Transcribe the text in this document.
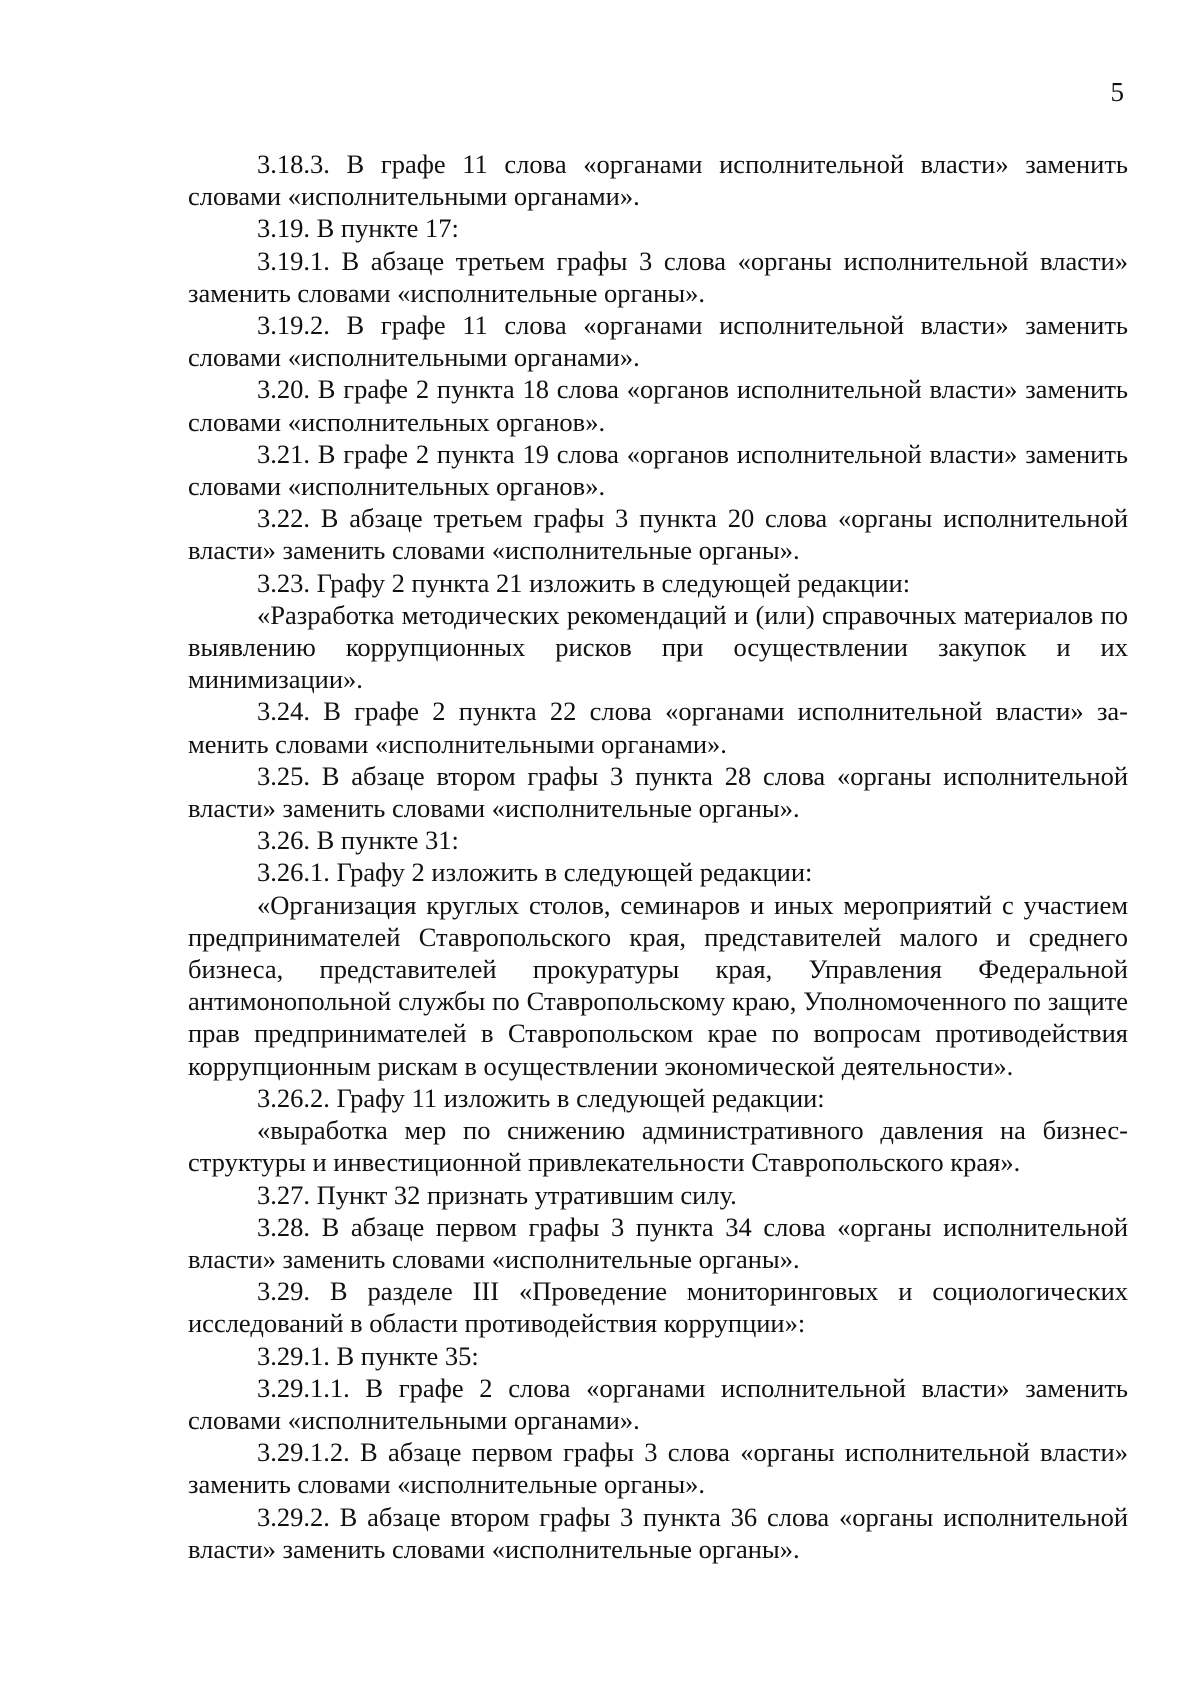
5

3.18.3. В графе 11 слова «органами исполнительной власти» заменить словами «исполнительными органами».

3.19. В пункте 17:

3.19.1. В абзаце третьем графы 3 слова «органы исполнительной власти» заменить словами «исполнительные органы».

3.19.2. В графе 11 слова «органами исполнительной власти» заменить словами «исполнительными органами».

3.20. В графе 2 пункта 18 слова «органов исполнительной власти» заменить словами «исполнительных органов».

3.21. В графе 2 пункта 19 слова «органов исполнительной власти» заменить словами «исполнительных органов».

3.22. В абзаце третьем графы 3 пункта 20 слова «органы исполнительной власти» заменить словами «исполнительные органы».

3.23. Графу 2 пункта 21 изложить в следующей редакции:

«Разработка методических рекомендаций и (или) справочных материалов по выявлению коррупционных рисков при осуществлении закупок и их минимизации».

3.24. В графе 2 пункта 22 слова «органами исполнительной власти» заменить словами «исполнительными органами».

3.25. В абзаце втором графы 3 пункта 28 слова «органы исполнительной власти» заменить словами «исполнительные органы».

3.26. В пункте 31:

3.26.1. Графу 2 изложить в следующей редакции:

«Организация круглых столов, семинаров и иных мероприятий с участием предпринимателей Ставропольского края, представителей малого и среднего бизнеса, представителей прокуратуры края, Управления Федеральной антимонопольной службы по Ставропольскому краю, Уполномоченного по защите прав предпринимателей в Ставропольском крае по вопросам противодействия коррупционным рискам в осуществлении экономической деятельности».

3.26.2. Графу 11 изложить в следующей редакции:

«выработка мер по снижению административного давления на бизнес-структуры и инвестиционной привлекательности Ставропольского края».

3.27. Пункт 32 признать утратившим силу.

3.28. В абзаце первом графы 3 пункта 34 слова «органы исполнительной власти» заменить словами «исполнительные органы».

3.29. В разделе III «Проведение мониторинговых и социологических исследований в области противодействия коррупции»:

3.29.1. В пункте 35:

3.29.1.1. В графе 2 слова «органами исполнительной власти» заменить словами «исполнительными органами».

3.29.1.2. В абзаце первом графы 3 слова «органы исполнительной власти» заменить словами «исполнительные органы».

3.29.2. В абзаце втором графы 3 пункта 36 слова «органы исполнительной власти» заменить словами «исполнительные органы».
